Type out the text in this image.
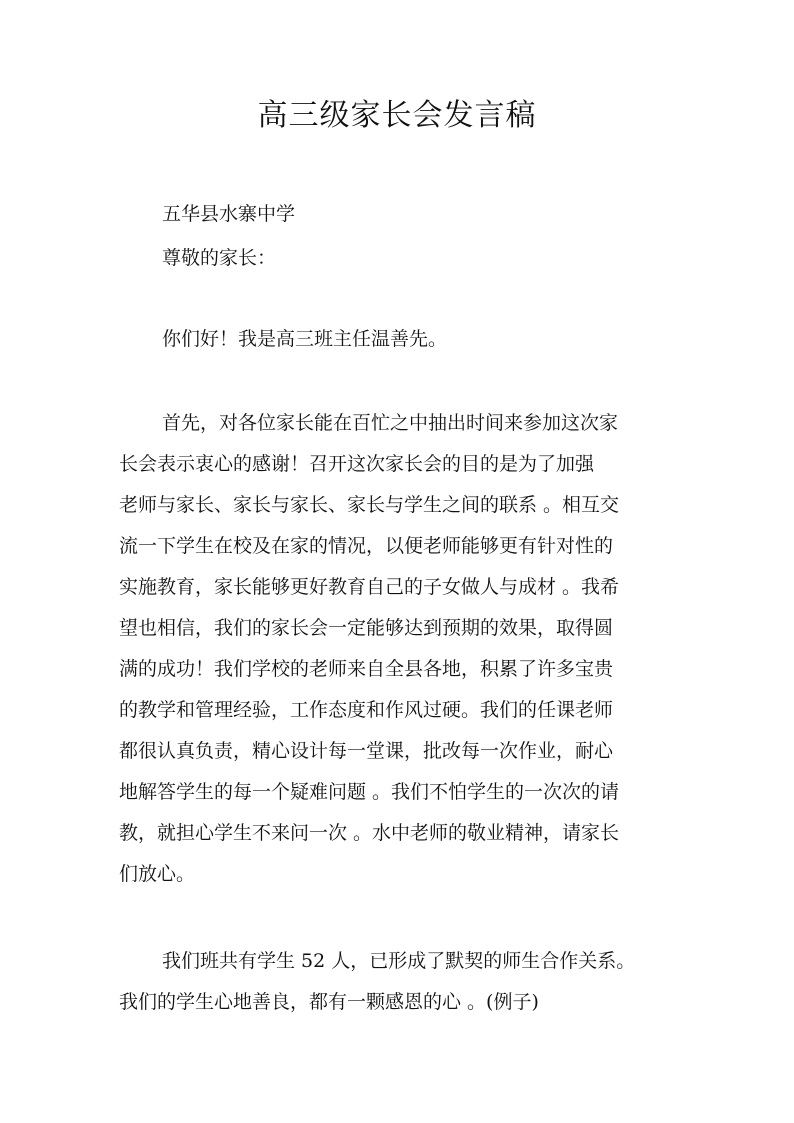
高三级家长会发言稿
五华县水寨中学
尊敬的家长：
你们好！我是高三班主任温善先。
首先，对各位家长能在百忙之中抽出时间来参加这次家
长会表示衷心的感谢！召开这次家长会的目的是为了加强
老师与家长、家长与家长、家长与学生之间的联系 。相互交
流一下学生在校及在家的情况，以便老师能够更有针对性的
实施教育，家长能够更好教育自己的子女做人与成材 。我希
望也相信，我们的家长会一定能够达到预期的效果，取得圆
满的成功！我们学校的老师来自全县各地，积累了许多宝贵
的教学和管理经验，工作态度和作风过硬。我们的任课老师
都很认真负责，精心设计每一堂课，批改每一次作业，耐心
地解答学生的每一个疑难问题 。我们不怕学生的一次次的请
教，就担心学生不来问一次 。水中老师的敬业精神，请家长
们放心。
我们班共有学生 52 人，已形成了默契的师生合作关系。
我们的学生心地善良，都有一颗感恩的心 。(例子)
